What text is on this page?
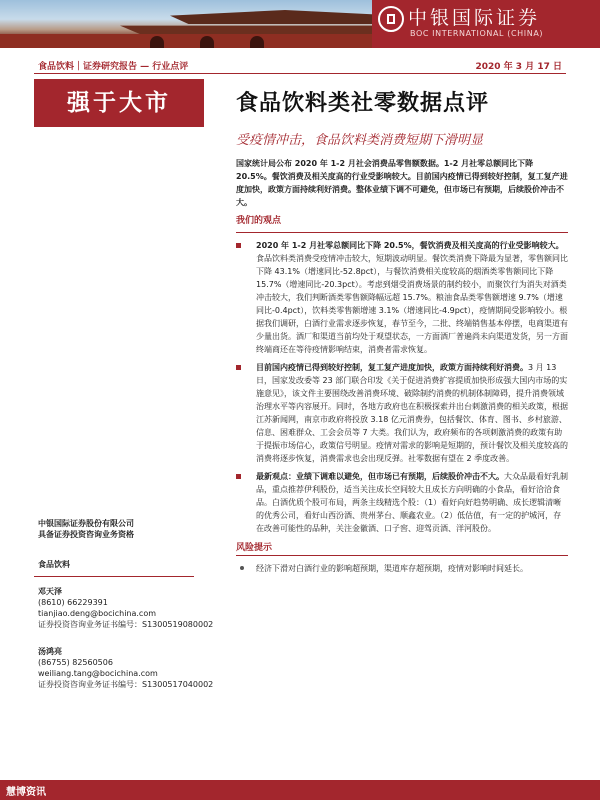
中银国际证券
BOC INTERNATIONAL (CHINA)
食品饮料｜证券研究报告 — 行业点评	2020 年 3 月 17 日
强于大市	食品饮料类社零数据点评
受疫情冲击，食品饮料类消费短期下滑明显

国家统计局公布 2020 年 1-2 月社会消费品零售额数据。1-2 月社零总额同比下降 20.5%。餐饮消费及相关度高的行业受影响较大。目前国内疫情已得到较好控制，复工复产进度加快，政策方面持续利好消费。整体业绩下调不可避免，但市场已有预期，后续股价冲击不大。

我们的观点
2020 年 1-2 月社零总额同比下降 20.5%，餐饮消费及相关度高的行业受影响较大。食品饮料类消费受疫情冲击较大，短期波动明显。餐饮类消费下降最为显著，零售额同比下降 43.1%（增速同比-52.8pct），与餐饮消费相关度较高的烟酒类零售额同比下降 15.7%（增速同比-20.3pct）。考虑到烟受消费场景的制约较小，而聚饮行为消失对酒类冲击较大，我们判断酒类零售额降幅远超 15.7%。粮油食品类零售额增速 9.7%（增速同比-0.4pct），饮料类零售额增速 3.1%（增速同比-4.9pct），疫情期间受影响较小。根据我们调研，白酒行业需求逐步恢复，春节至今，二批、终端销售基本停摆，电商渠道有少量出货。酒厂和渠道当前均处于观望状态，一方面酒厂普遍尚未向渠道发货，另一方面终端商还在等待疫情影响结束，消费者需求恢复。
目前国内疫情已得到较好控制，复工复产进度加快，政策方面持续利好消费。3 月 13 日，国家发改委等 23 部门联合印发《关于促进消费扩容提质加快形成强大国内市场的实施意见》，该文件主要围绕改善消费环境、破除制约消费的机制体制障碍，提升消费领域治理水平等内容展开。同时，各地方政府也在积极探索并出台刺激消费的相关政策，根据江苏新闻网，南京市政府将投放 3.18 亿元消费券，包括餐饮、体育、图书、乡村旅游、信息、困难群众、工会会员等 7 大类。我们认为，政府频布的各项刺激消费的政策有助于提振市场信心，政策信号明显。疫情对需求的影响是短期的，预计餐饮及相关度较高的消费将逐步恢复，消费需求也会出现反弹。社零数据有望在 2 季度改善。
最新观点：业绩下调难以避免，但市场已有预期，后续股价冲击不大。大众品最看好乳制品，重点推荐伊利股份，适当关注成长空间较大且成长方向明确的小食品，看好洽洽食品。白酒优质个股可布局，两条主线精选个股：（1）看好向好趋势明确、成长逻辑清晰的优秀公司，看好山西汾酒、贵州茅台、顺鑫农业。（2）低估值，有一定的护城河，存在改善可能性的品种，关注金徽酒、口子窖、迎驾贡酒、洋河股份。
风险提示
经济下滑对白酒行业的影响超预期，渠道库存超预期，疫情对影响时间延长。
中银国际证券股份有限公司
具备证券投资咨询业务资格
食品饮料
邓天泽
(8610) 66229391
tianjiao.deng@bocichina.com
证券投资咨询业务证书编号：S1300519080002
汤鸿亮
(86755) 82560506
weiliang.tang@bocichina.com
证券投资咨询业务证书编号：S1300517040002
慧博资讯
